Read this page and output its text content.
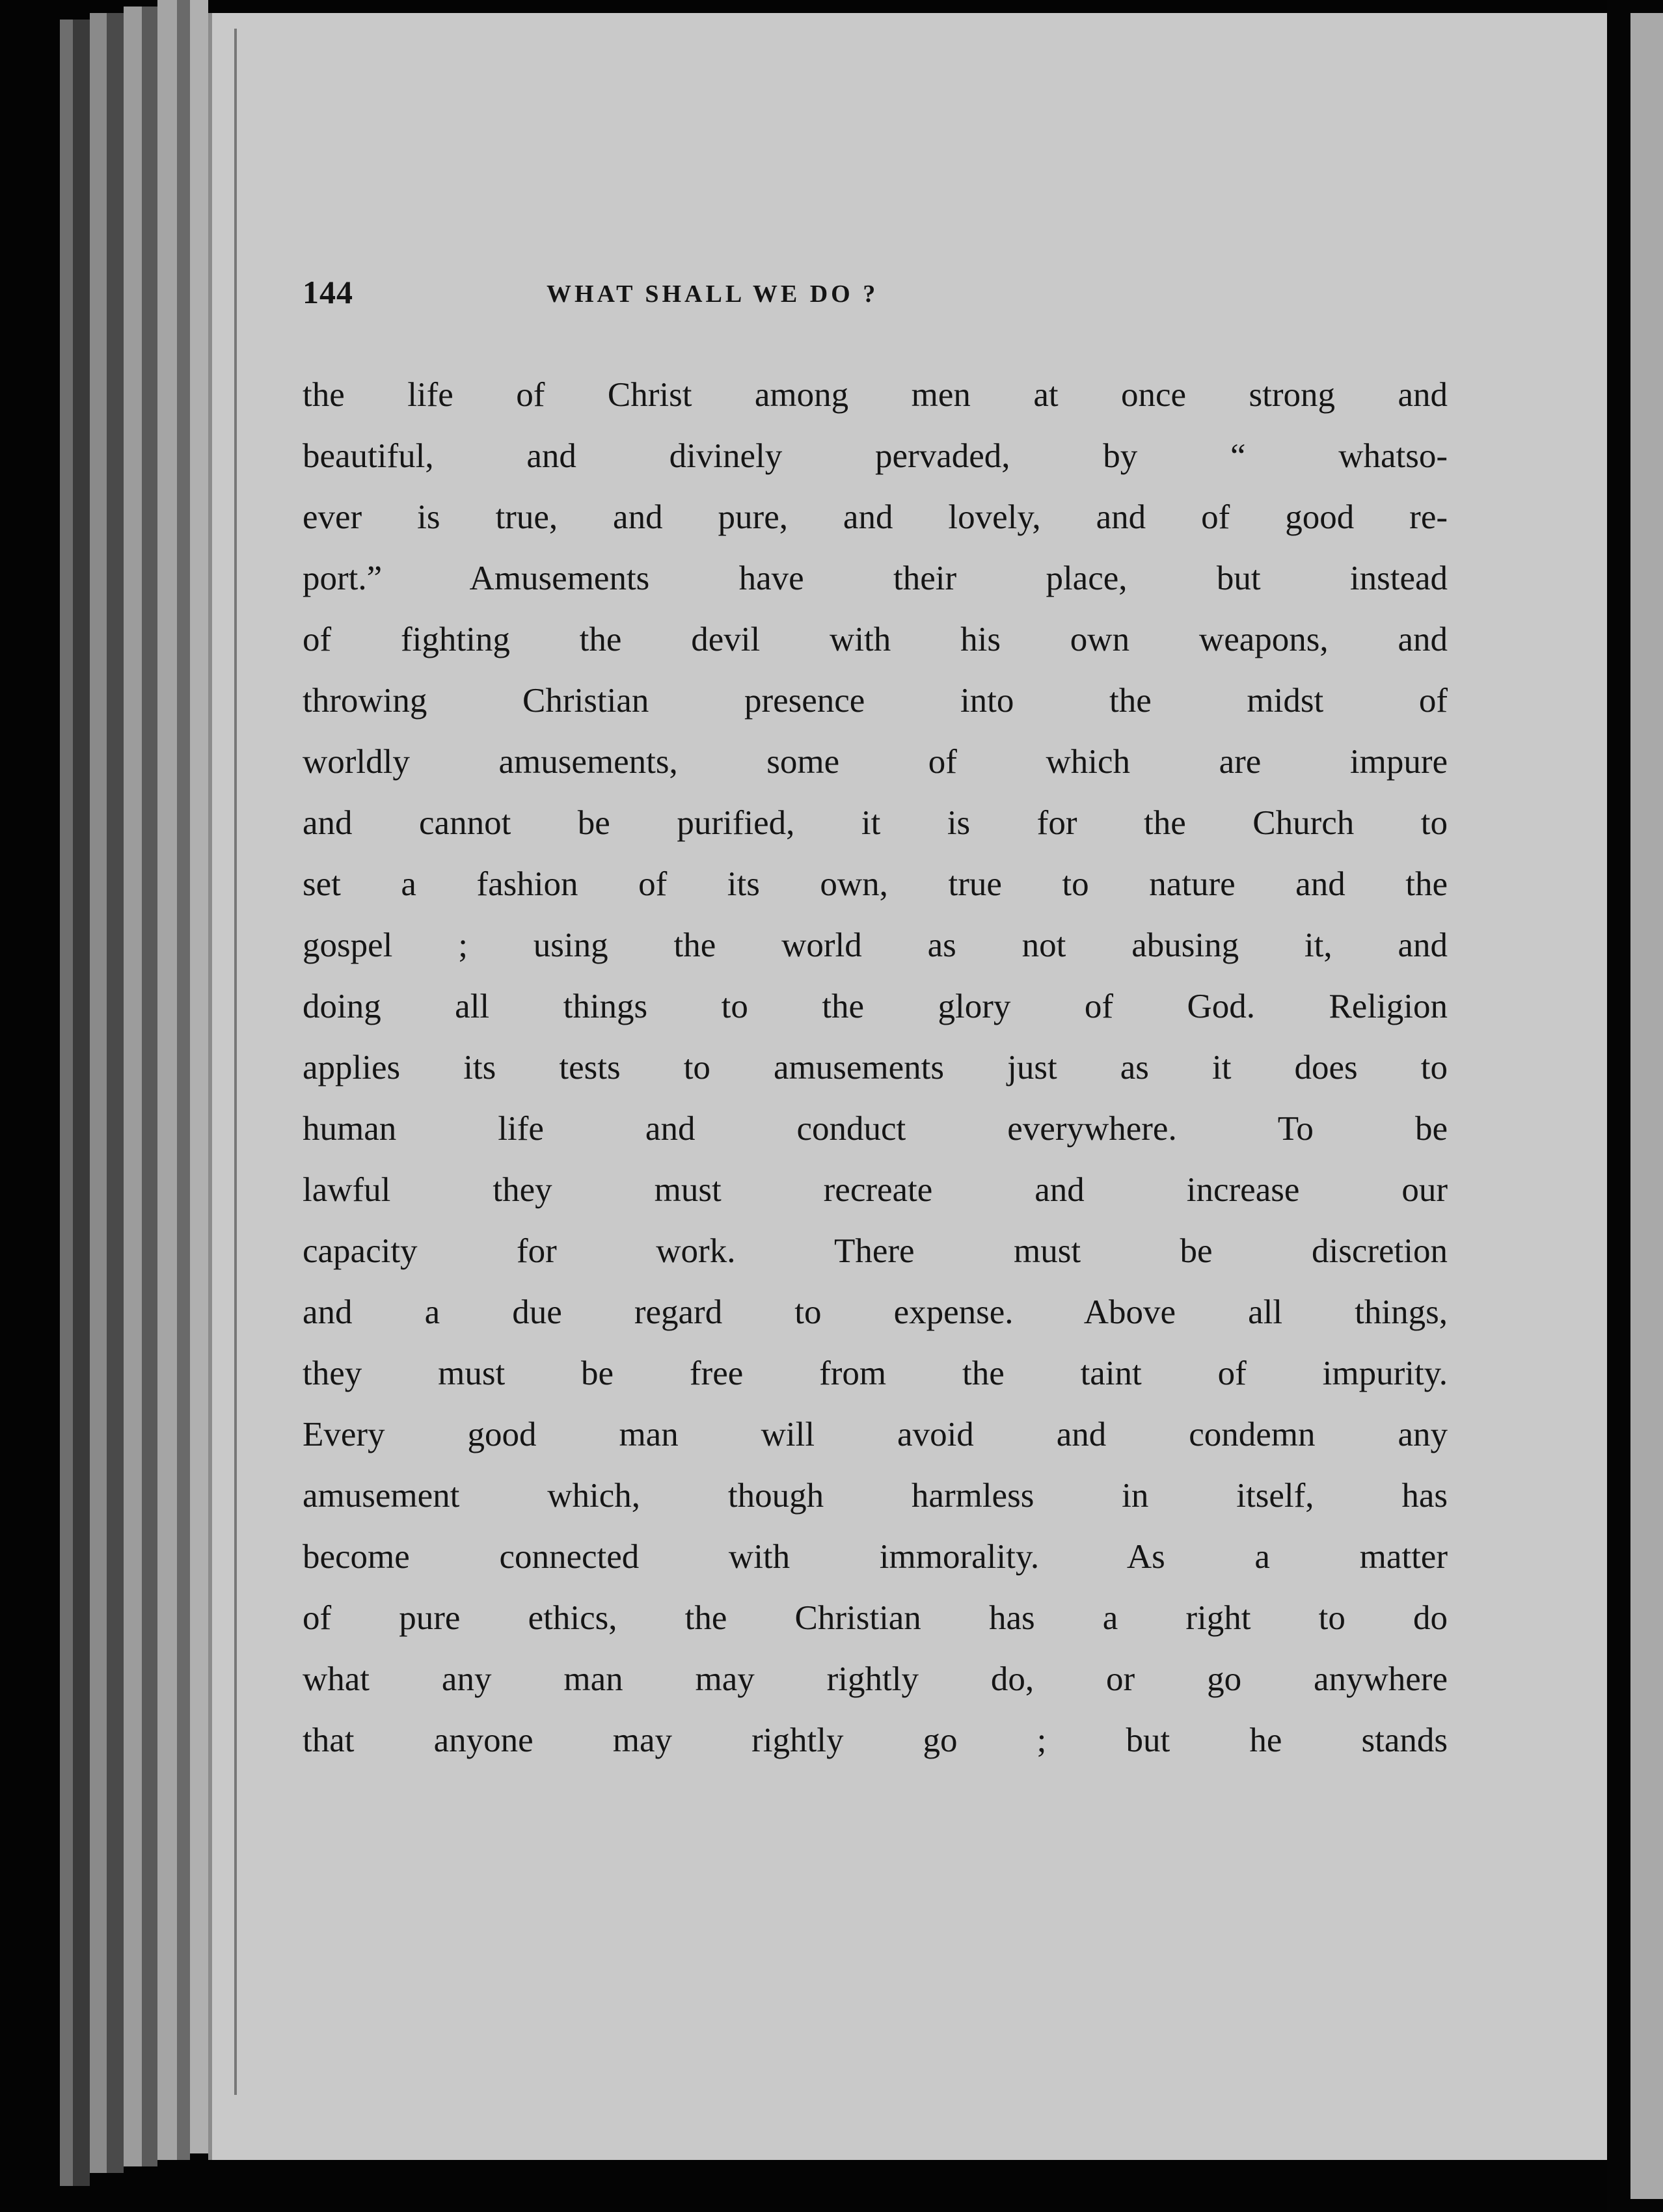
144	WHAT SHALL WE DO ?
the life of Christ among men at once strong and
beautiful, and divinely pervaded, by “ whatso-
ever is true, and pure, and lovely, and of good re-
port.” Amusements have their place, but instead
of fighting the devil with his own weapons, and
throwing Christian presence into the midst of
worldly amusements, some of which are impure
and cannot be purified, it is for the Church to
set a fashion of its own, true to nature and the
gospel ; using the world as not abusing it, and
doing all things to the glory of God. Religion
applies its tests to amusements just as it does to
human life and conduct everywhere. To be
lawful they must recreate and increase our
capacity for work. There must be discretion
and a due regard to expense. Above all things,
they must be free from the taint of impurity.
Every good man will avoid and condemn any
amusement which, though harmless in itself, has
become connected with immorality. As a matter
of pure ethics, the Christian has a right to do
what any man may rightly do, or go anywhere
that anyone may rightly go ; but he stands
